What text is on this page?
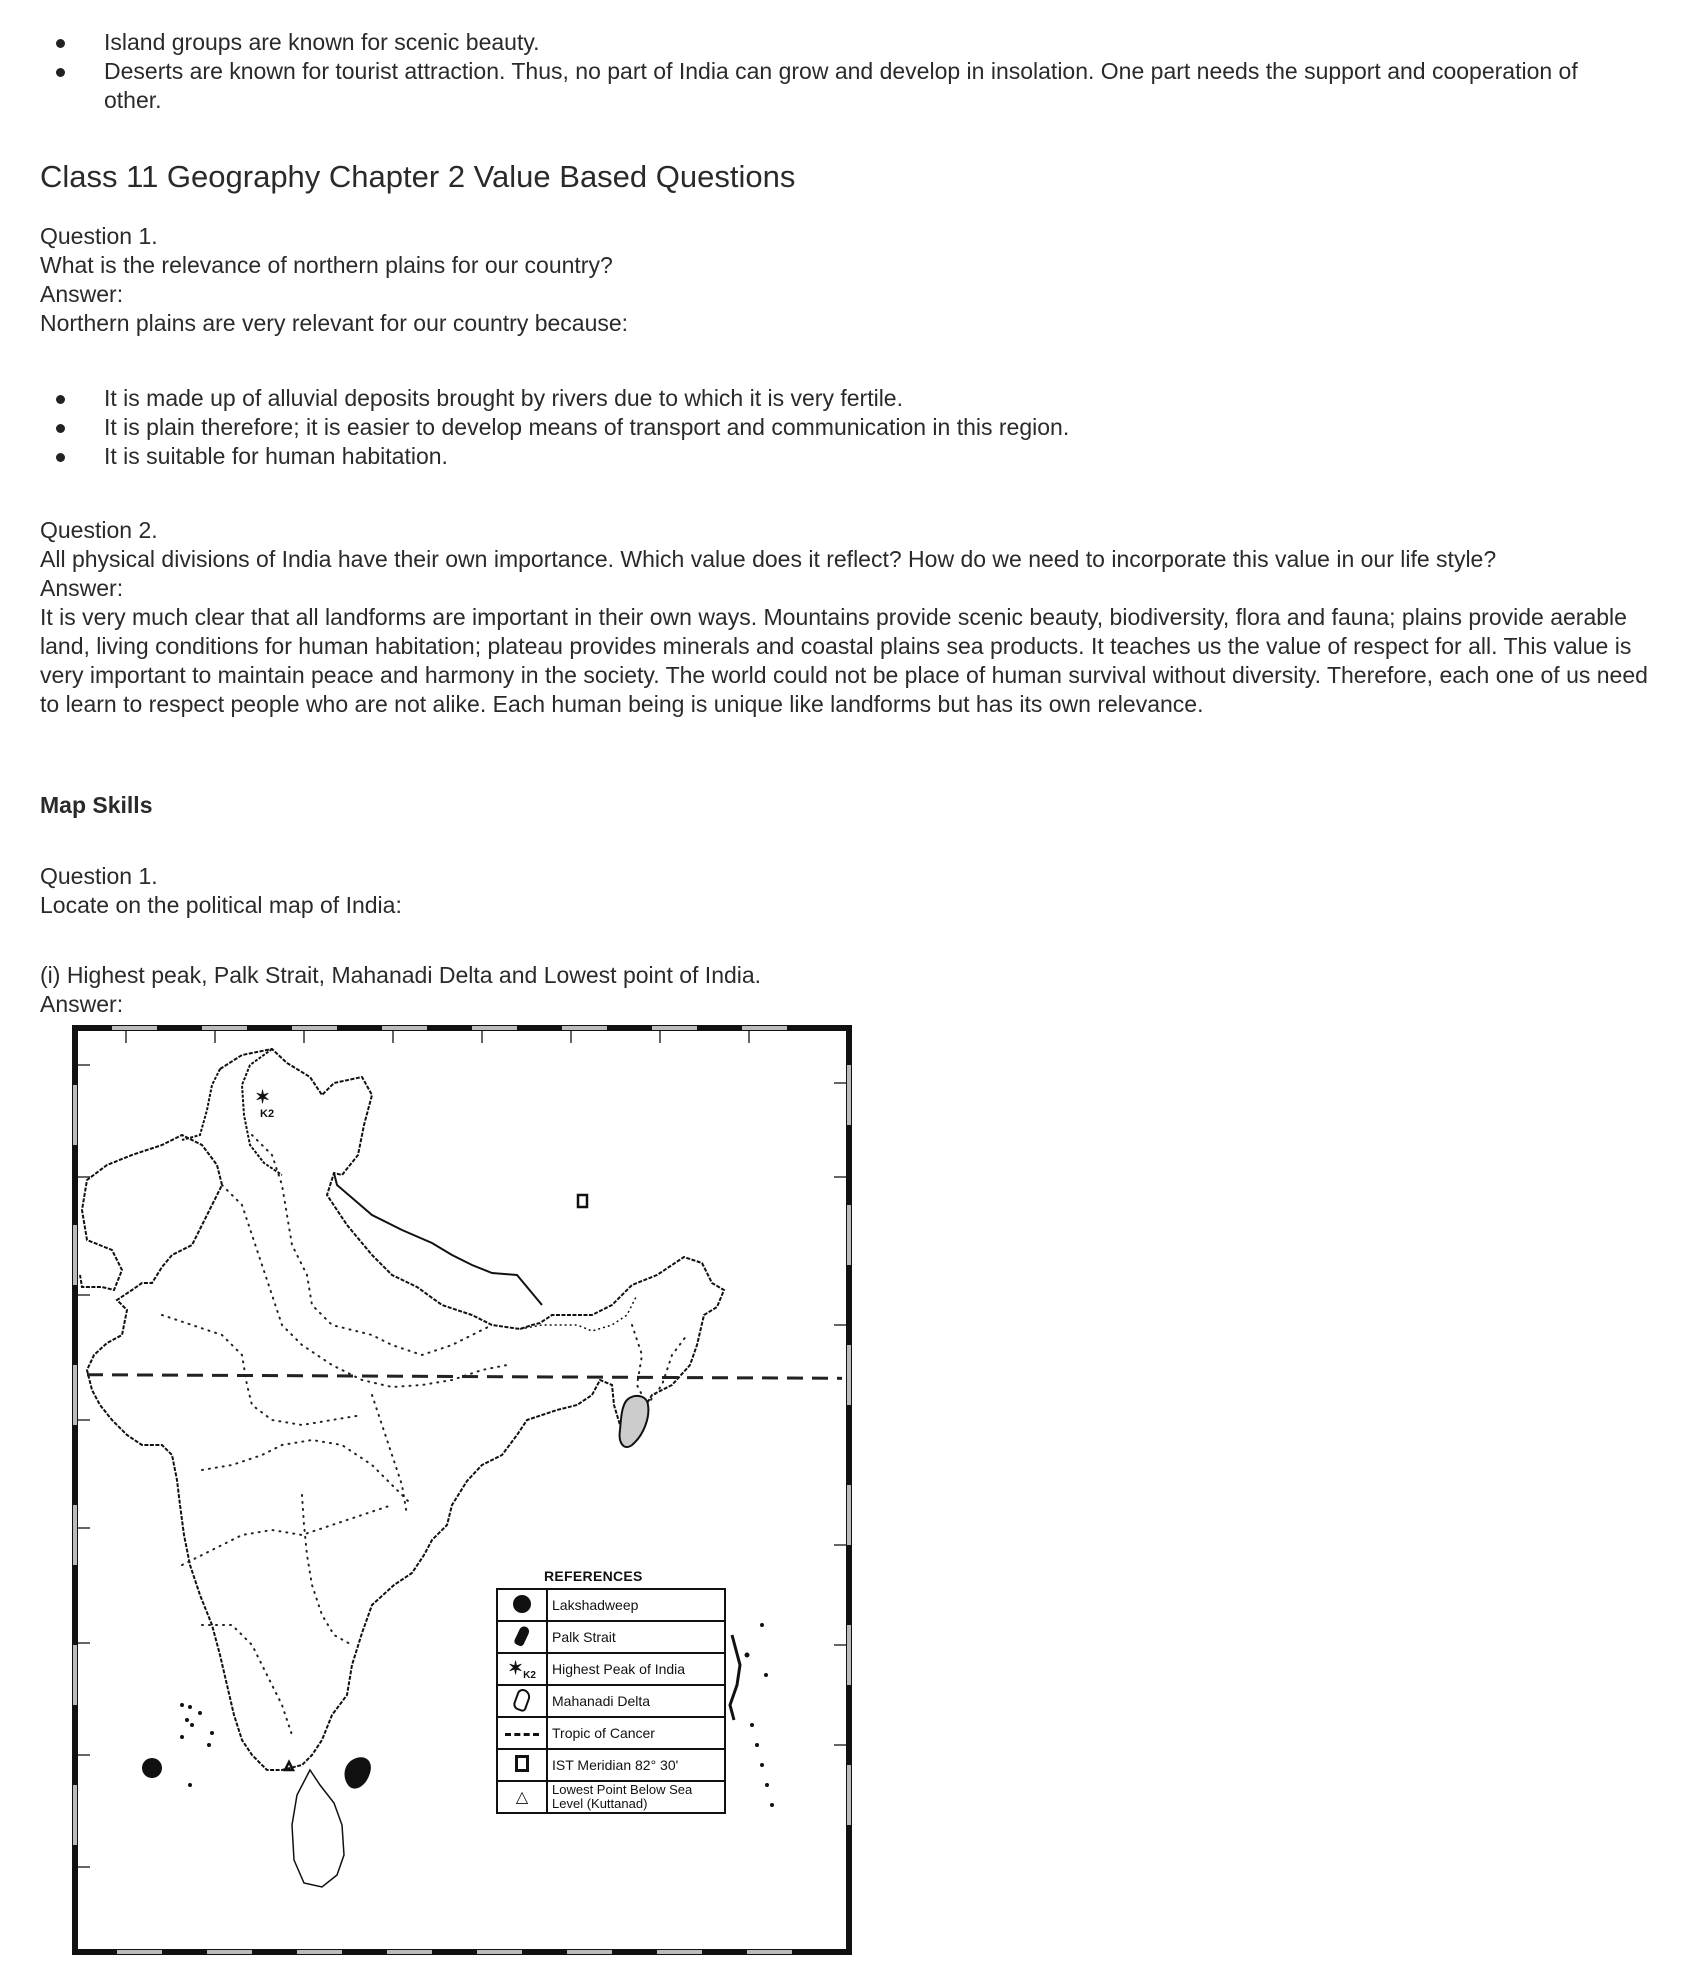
Island groups are known for scenic beauty.
Deserts are known for tourist attraction. Thus, no part of India can grow and develop in insolation. One part needs the support and cooperation of other.
Class 11 Geography Chapter 2 Value Based Questions
Question 1.
What is the relevance of northern plains for our country?
Answer:
Northern plains are very relevant for our country because:
It is made up of alluvial deposits brought by rivers due to which it is very fertile.
It is plain therefore; it is easier to develop means of transport and communication in this region.
It is suitable for human habitation.
Question 2.
All physical divisions of India have their own importance. Which value does it reflect? How do we need to incorporate this value in our life style?
Answer:
It is very much clear that all landforms are important in their own ways. Mountains provide scenic beauty, biodiversity, flora and fauna; plains provide aerable land, living conditions for human habitation; plateau provides minerals and coastal plains sea products. It teaches us the value of respect for all. This value is very important to maintain peace and harmony in the society. The world could not be place of human survival without diversity. Therefore, each one of us need to learn to respect people who are not alike. Each human being is unique like landforms but has its own relevance.
Map Skills
Question 1.
Locate on the political map of India:
(i) Highest peak, Palk Strait, Mahanadi Delta and Lowest point of India.
Answer:
✶
K2
REFERENCES
	Lakshadweep
	Palk Strait
$✶_{K2}$	Highest Peak of India
	Mahanadi Delta
	Tropic of Cancer
	IST Meridian 82° 30'
△	Lowest Point Below Sea Level (Kuttanad)
